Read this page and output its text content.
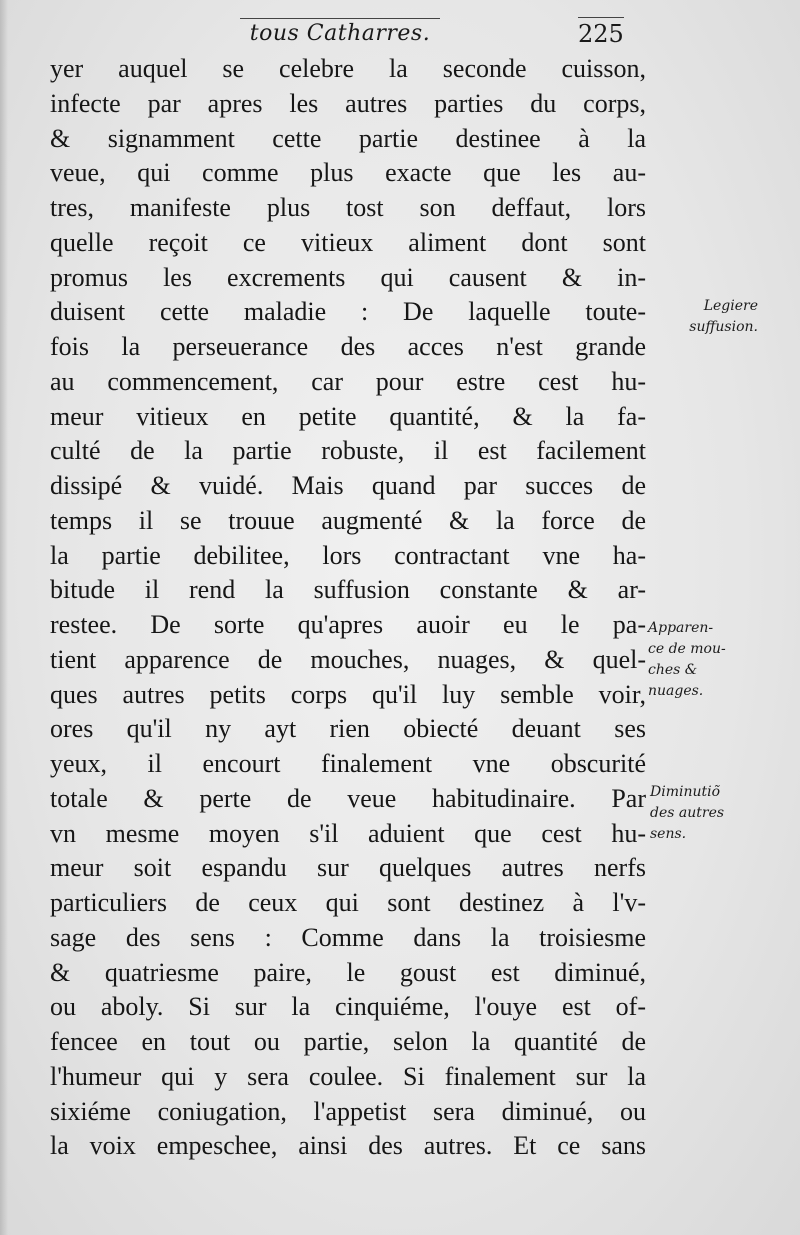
tous Catharres.	225
yer auquel se celebre la seconde cuisson,
infecte par apres les autres parties du corps,
& signamment cette partie destinee à la
veue, qui comme plus exacte que les au-
tres, manifeste plus tost son deffaut, lors
quelle reçoit ce vitieux aliment dont sont
promus les excrements qui causent & in-
duisent cette maladie : De laquelle toute-
fois la perseuerance des acces n'est grande
au commencement, car pour estre cest hu-
meur vitieux en petite quantité, & la fa-
culté de la partie robuste, il est facilement
dissipé & vuidé. Mais quand par succes de
temps il se trouue augmenté & la force de
la partie debilitee, lors contractant vne ha-
bitude il rend la suffusion constante & ar-
restee. De sorte qu'apres auoir eu le pa-
tient apparence de mouches, nuages, & quel-
ques autres petits corps qu'il luy semble voir,
ores qu'il ny ayt rien obiecté deuant ses
yeux, il encourt finalement vne obscurité
totale & perte de veue habitudinaire. Par
vn mesme moyen s'il aduient que cest hu-
meur soit espandu sur quelques autres nerfs
particuliers de ceux qui sont destinez à l'v-
sage des sens : Comme dans la troisiesme
& quatriesme paire, le goust est diminué,
ou aboly. Si sur la cinquiéme, l'ouye est of-
fencee en tout ou partie, selon la quantité de
l'humeur qui y sera coulee. Si finalement sur la
sixiéme coniugation, l'appetist sera diminué, ou
la voix empeschee, ainsi des autres. Et ce sans
Legiere
suffusion.
Apparen-
ce de mou-
ches &
nuages.
Diminutiõ
des autres
sens.
